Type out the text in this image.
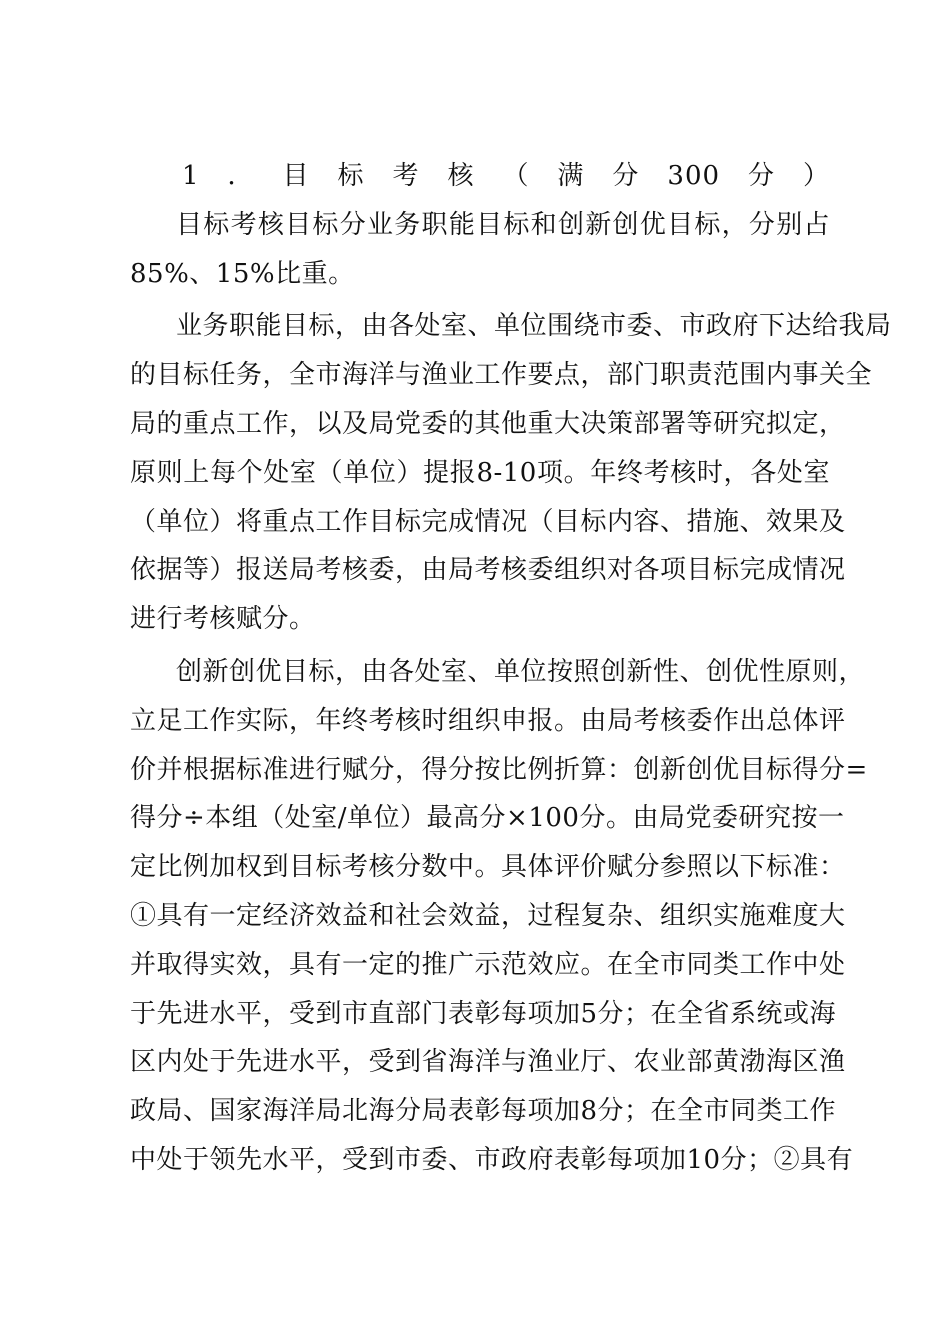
1．目标考核（满分300分）
目标考核目标分业务职能目标和创新创优目标，分别占
85%、15%比重。
业务职能目标，由各处室、单位围绕市委、市政府下达给我局
的目标任务，全市海洋与渔业工作要点，部门职责范围内事关全
局的重点工作，以及局党委的其他重大决策部署等研究拟定，
原则上每个处室（单位）提报8-10项。年终考核时，各处室
（单位）将重点工作目标完成情况（目标内容、措施、效果及
依据等）报送局考核委，由局考核委组织对各项目标完成情况
进行考核赋分。
创新创优目标，由各处室、单位按照创新性、创优性原则，
立足工作实际，年终考核时组织申报。由局考核委作出总体评
价并根据标准进行赋分，得分按比例折算：创新创优目标得分=
得分÷本组（处室/单位）最高分×100分。由局党委研究按一
定比例加权到目标考核分数中。具体评价赋分参照以下标准：
①具有一定经济效益和社会效益，过程复杂、组织实施难度大
并取得实效，具有一定的推广示范效应。在全市同类工作中处
于先进水平，受到市直部门表彰每项加5分；在全省系统或海
区内处于先进水平，受到省海洋与渔业厅、农业部黄渤海区渔
政局、国家海洋局北海分局表彰每项加8分；在全市同类工作
中处于领先水平，受到市委、市政府表彰每项加10分；②具有
